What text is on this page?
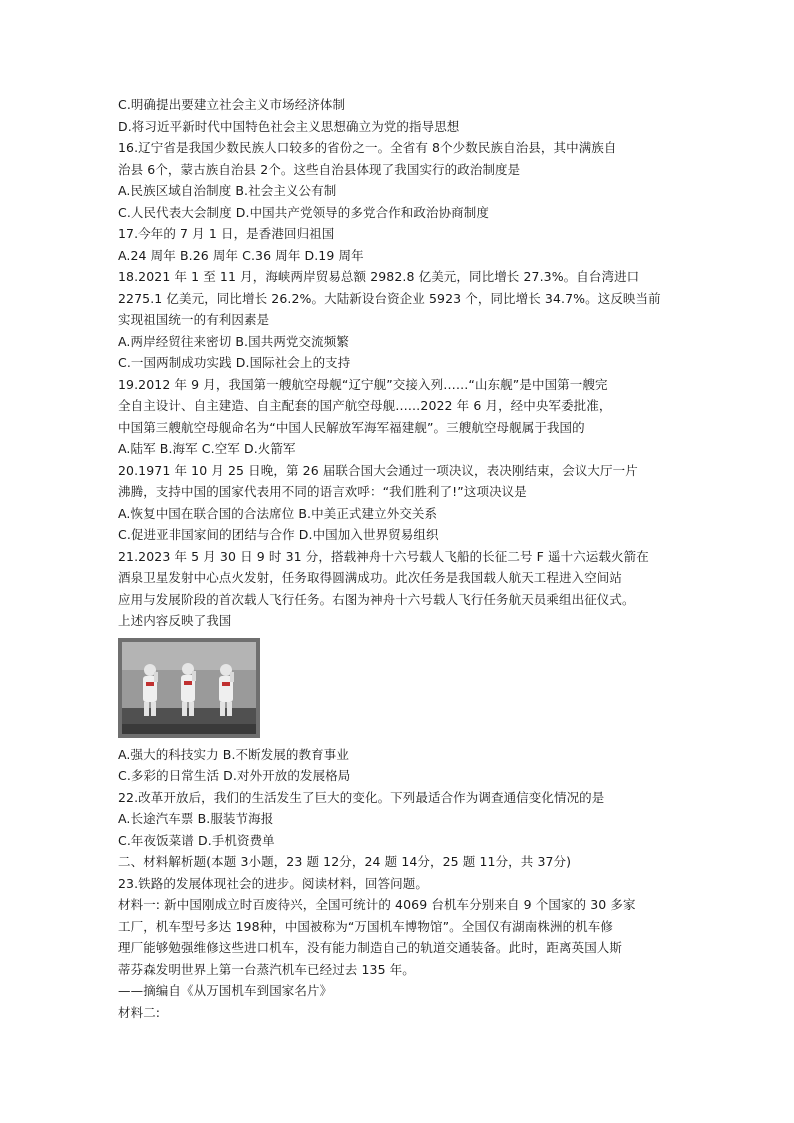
C.明确提出要建立社会主义市场经济体制
D.将习近平新时代中国特色社会主义思想确立为党的指导思想
16.辽宁省是我国少数民族人口较多的省份之一。全省有 8个少数民族自治县，其中满族自
治县 6个，蒙古族自治县 2个。这些自治县体现了我国实行的政治制度是
A.民族区域自治制度 B.社会主义公有制
C.人民代表大会制度 D.中国共产党领导的多党合作和政治协商制度
17.今年的 7 月 1 日，是香港回归祖国
A.24 周年 B.26 周年 C.36 周年 D.19 周年
18.2021 年 1 至 11 月，海峡两岸贸易总额 2982.8 亿美元，同比增长 27.3%。自台湾进口
2275.1 亿美元，同比增长 26.2%。大陆新设台资企业 5923 个，同比增长 34.7%。这反映当前
实现祖国统一的有利因素是
A.两岸经贸往来密切 B.国共两党交流频繁
C.一国两制成功实践 D.国际社会上的支持
19.2012 年 9 月，我国第一艘航空母舰“辽宁舰”交接入列……“山东舰”是中国第一艘完
全自主设计、自主建造、自主配套的国产航空母舰……2022 年 6 月，经中央军委批准，
中国第三艘航空母舰命名为“中国人民解放军海军福建舰”。三艘航空母舰属于我国的
A.陆军 B.海军 C.空军 D.火箭军
20.1971 年 10 月 25 日晚，第 26 届联合国大会通过一项决议，表决刚结束，会议大厅一片
沸腾，支持中国的国家代表用不同的语言欢呼：“我们胜利了!”这项决议是
A.恢复中国在联合国的合法席位 B.中美正式建立外交关系
C.促进亚非国家间的团结与合作 D.中国加入世界贸易组织
21.2023 年 5 月 30 日 9 时 31 分，搭载神舟十六号载人飞船的长征二号 F 遥十六运载火箭在
酒泉卫星发射中心点火发射，任务取得圆满成功。此次任务是我国载人航天工程进入空间站
应用与发展阶段的首次载人飞行任务。右图为神舟十六号载人飞行任务航天员乘组出征仪式。
上述内容反映了我国
A.强大的科技实力 B.不断发展的教育事业
C.多彩的日常生活 D.对外开放的发展格局
22.改革开放后，我们的生活发生了巨大的变化。下列最适合作为调查通信变化情况的是
A.长途汽车票 B.服装节海报
C.年夜饭菜谱 D.手机资费单
二、材料解析题(本题 3小题，23 题 12分，24 题 14分，25 题 11分，共 37分)
23.铁路的发展体现社会的进步。阅读材料，回答问题。
材料一: 新中国刚成立时百废待兴，全国可统计的 4069 台机车分别来自 9 个国家的 30 多家
工厂，机车型号多达 198种，中国被称为“万国机车博物馆”。全国仅有湖南株洲的机车修
理厂能够勉强维修这些进口机车，没有能力制造自己的轨道交通装备。此时，距离英国人斯
蒂芬森发明世界上第一台蒸汽机车已经过去 135 年。
——摘编自《从万国机车到国家名片》
材料二:
